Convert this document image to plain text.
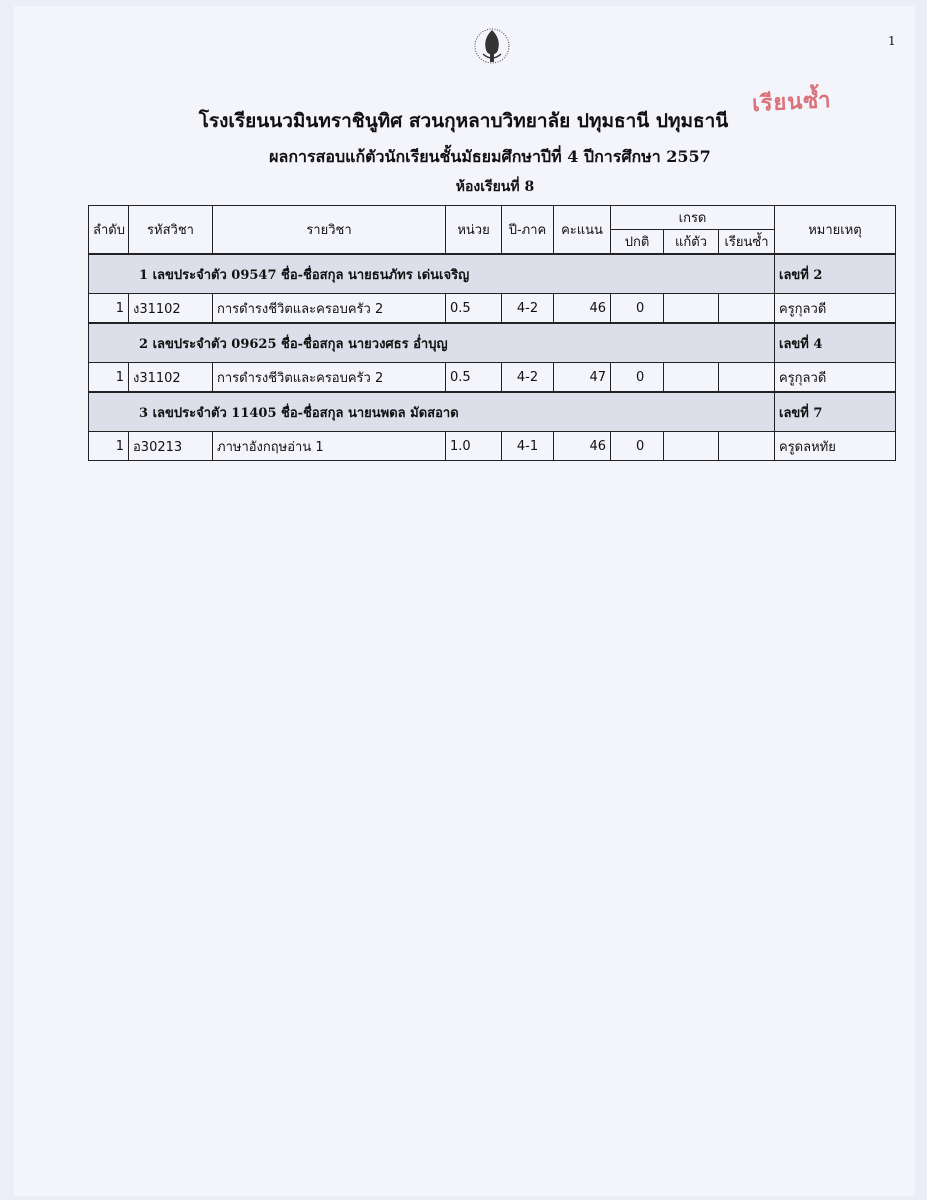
1
เรียนซ้ำ
โรงเรียนนวมินทราชินูทิศ สวนกุหลาบวิทยาลัย ปทุมธานี ปทุมธานี
ผลการสอบแก้ตัวนักเรียนชั้นมัธยมศึกษาปีที่ 4 ปีการศึกษา 2557
ห้องเรียนที่ 8
ลำดับ	รหัสวิชา	รายวิชา	หน่วย	ปี-ภาค	คะแนน	เกรด			หมายเหตุ
						ปกติ	แก้ตัว	เรียนซ้ำ	
1 เลขประจำตัว 09547 ชื่อ-ชื่อสกุล นายธนภัทร เด่นเจริญ									เลขที่ 2
1	ง31102	การดำรงชีวิตและครอบครัว 2	0.5	4-2	46	0			ครูกุลวดี
2 เลขประจำตัว 09625 ชื่อ-ชื่อสกุล นายวงศธร อ่ำบุญ									เลขที่ 4
1	ง31102	การดำรงชีวิตและครอบครัว 2	0.5	4-2	47	0			ครูกุลวดี
3 เลขประจำตัว 11405 ชื่อ-ชื่อสกุล นายนพดล มัดสอาด									เลขที่ 7
1	อ30213	ภาษาอังกฤษอ่าน 1	1.0	4-1	46	0			ครูดลหทัย
